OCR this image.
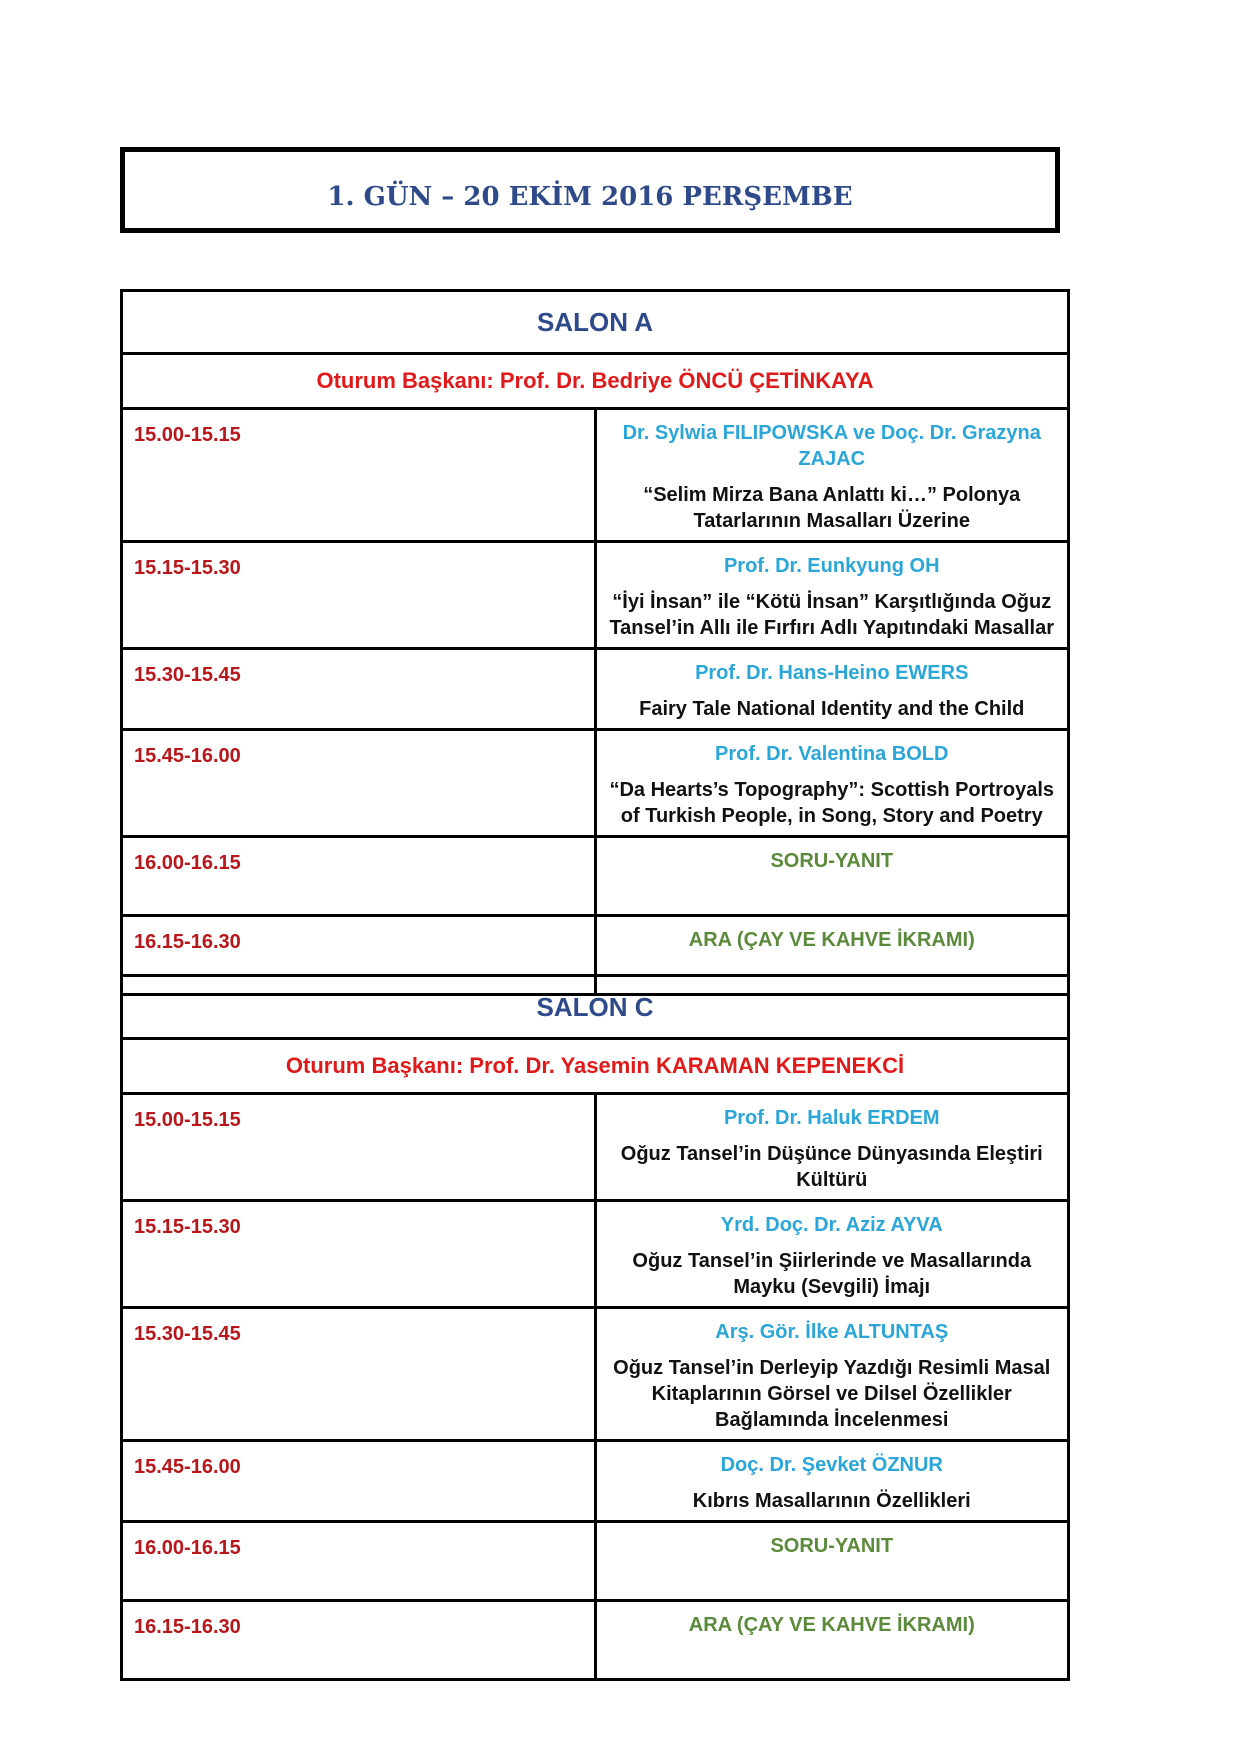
1. GÜN – 20 EKİM 2016 PERŞEMBE
SALON A	
Oturum Başkanı: Prof. Dr. Bedriye ÖNCÜ ÇETİNKAYA	
15.00-15.15	Dr. Sylwia FILIPOWSKA ve Doç. Dr. Grazyna ZAJAC
“Selim Mirza Bana Anlattı ki…” Polonya Tatarlarının Masalları Üzerine

15.15-15.30	Prof. Dr. Eunkyung OH
“İyi İnsan” ile “Kötü İnsan” Karşıtlığında Oğuz Tansel’in Allı ile Fırfırı Adlı Yapıtındaki Masallar

15.30-15.45	Prof. Dr. Hans-Heino EWERS
Fairy Tale National Identity and the Child

15.45-16.00	Prof. Dr. Valentina BOLD
“Da Hearts’s Topography”: Scottish Portroyals of Turkish People, in Song, Story and Poetry

16.00-16.15	SORU-YANIT

16.15-16.30	ARA (ÇAY VE KAHVE İKRAMI)
SALON C	
Oturum Başkanı: Prof. Dr. Yasemin KARAMAN KEPENEKCİ	
15.00-15.15	Prof. Dr. Haluk ERDEM
Oğuz Tansel’in Düşünce Dünyasında Eleştiri Kültürü

15.15-15.30	Yrd. Doç. Dr. Aziz AYVA
Oğuz Tansel’in Şiirlerinde ve Masallarında Mayku (Sevgili) İmajı

15.30-15.45	Arş. Gör. İlke ALTUNTAŞ
Oğuz Tansel’in Derleyip Yazdığı Resimli Masal Kitaplarının Görsel ve Dilsel Özellikler Bağlamında İncelenmesi

15.45-16.00	Doç. Dr. Şevket ÖZNUR
Kıbrıs Masallarının Özellikleri

16.00-16.15	SORU-YANIT

16.15-16.30	ARA (ÇAY VE KAHVE İKRAMI)
